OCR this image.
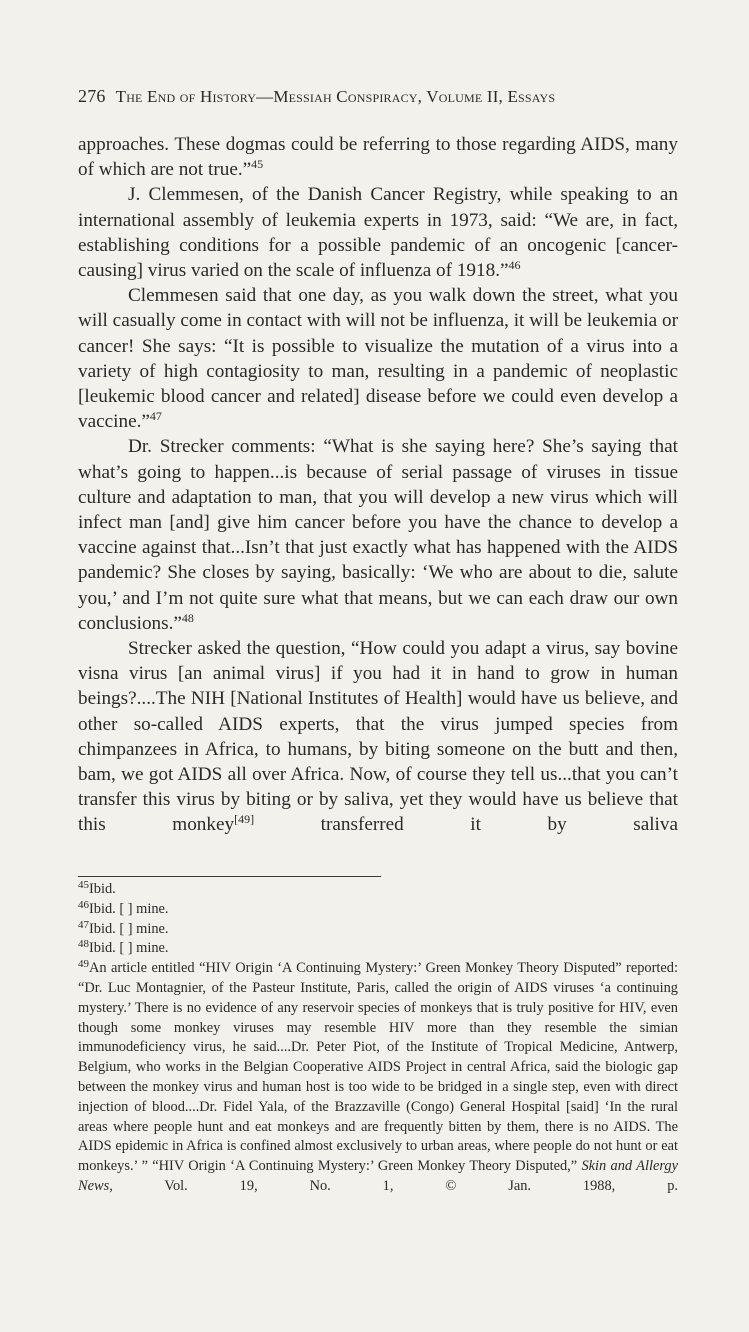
276 The End of History—Messiah Conspiracy, Volume II, Essays

approaches. These dogmas could be referring to those regarding AIDS, many of which are not true.”$^{45}$

J. Clemmesen, of the Danish Cancer Registry, while speaking to an international assembly of leukemia experts in 1973, said: “We are, in fact, establishing conditions for a possible pandemic of an oncogenic [cancer-causing] virus varied on the scale of influenza of 1918.”$^{46}$

Clemmesen said that one day, as you walk down the street, what you will casually come in contact with will not be influenza, it will be leukemia or cancer! She says: “It is possible to visualize the mutation of a virus into a variety of high contagiosity to man, resulting in a pandemic of neoplastic [leukemic blood cancer and related] disease before we could even develop a vaccine.”$^{47}$

Dr. Strecker comments: “What is she saying here? She’s saying that what’s going to happen...is because of serial passage of viruses in tissue culture and adaptation to man, that you will develop a new virus which will infect man [and] give him cancer before you have the chance to develop a vaccine against that...Isn’t that just exactly what has happened with the AIDS pandemic? She closes by saying, basically: ‘We who are about to die, salute you,’ and I’m not quite sure what that means, but we can each draw our own conclusions.”$^{48}$

Strecker asked the question, “How could you adapt a virus, say bovine visna virus [an animal virus] if you had it in hand to grow in human beings?....The NIH [National Institutes of Health] would have us believe, and other so-called AIDS experts, that the virus jumped species from chimpanzees in Africa, to humans, by biting someone on the butt and then, bam, we got AIDS all over Africa. Now, of course they tell us...that you can’t transfer this virus by biting or by saliva, yet they would have us believe that this monkey[49] transferred it by saliva

$^{45}$Ibid.

$^{46}$Ibid. [ ] mine.

$^{47}$Ibid. [ ] mine.

$^{48}$Ibid. [ ] mine.

$^{49}$An article entitled “HIV Origin ‘A Continuing Mystery:’ Green Monkey Theory Disputed” reported: “Dr. Luc Montagnier, of the Pasteur Institute, Paris, called the origin of AIDS viruses ‘a continuing mystery.’ There is no evidence of any reservoir species of monkeys that is truly positive for HIV, even though some monkey viruses may resemble HIV more than they resemble the simian immunodeficiency virus, he said....Dr. Peter Piot, of the Institute of Tropical Medicine, Antwerp, Belgium, who works in the Belgian Cooperative AIDS Project in central Africa, said the biologic gap between the monkey virus and human host is too wide to be bridged in a single step, even with direct injection of blood....Dr. Fidel Yala, of the Brazzaville (Congo) General Hospital [said] ‘In the rural areas where people hunt and eat monkeys and are frequently bitten by them, there is no AIDS. The AIDS epidemic in Africa is confined almost exclusively to urban areas, where people do not hunt or eat monkeys.’ ” “HIV Origin ‘A Continuing Mystery:’ Green Monkey Theory Disputed,” Skin and Allergy News, Vol. 19, No. 1, © Jan. 1988, p.
